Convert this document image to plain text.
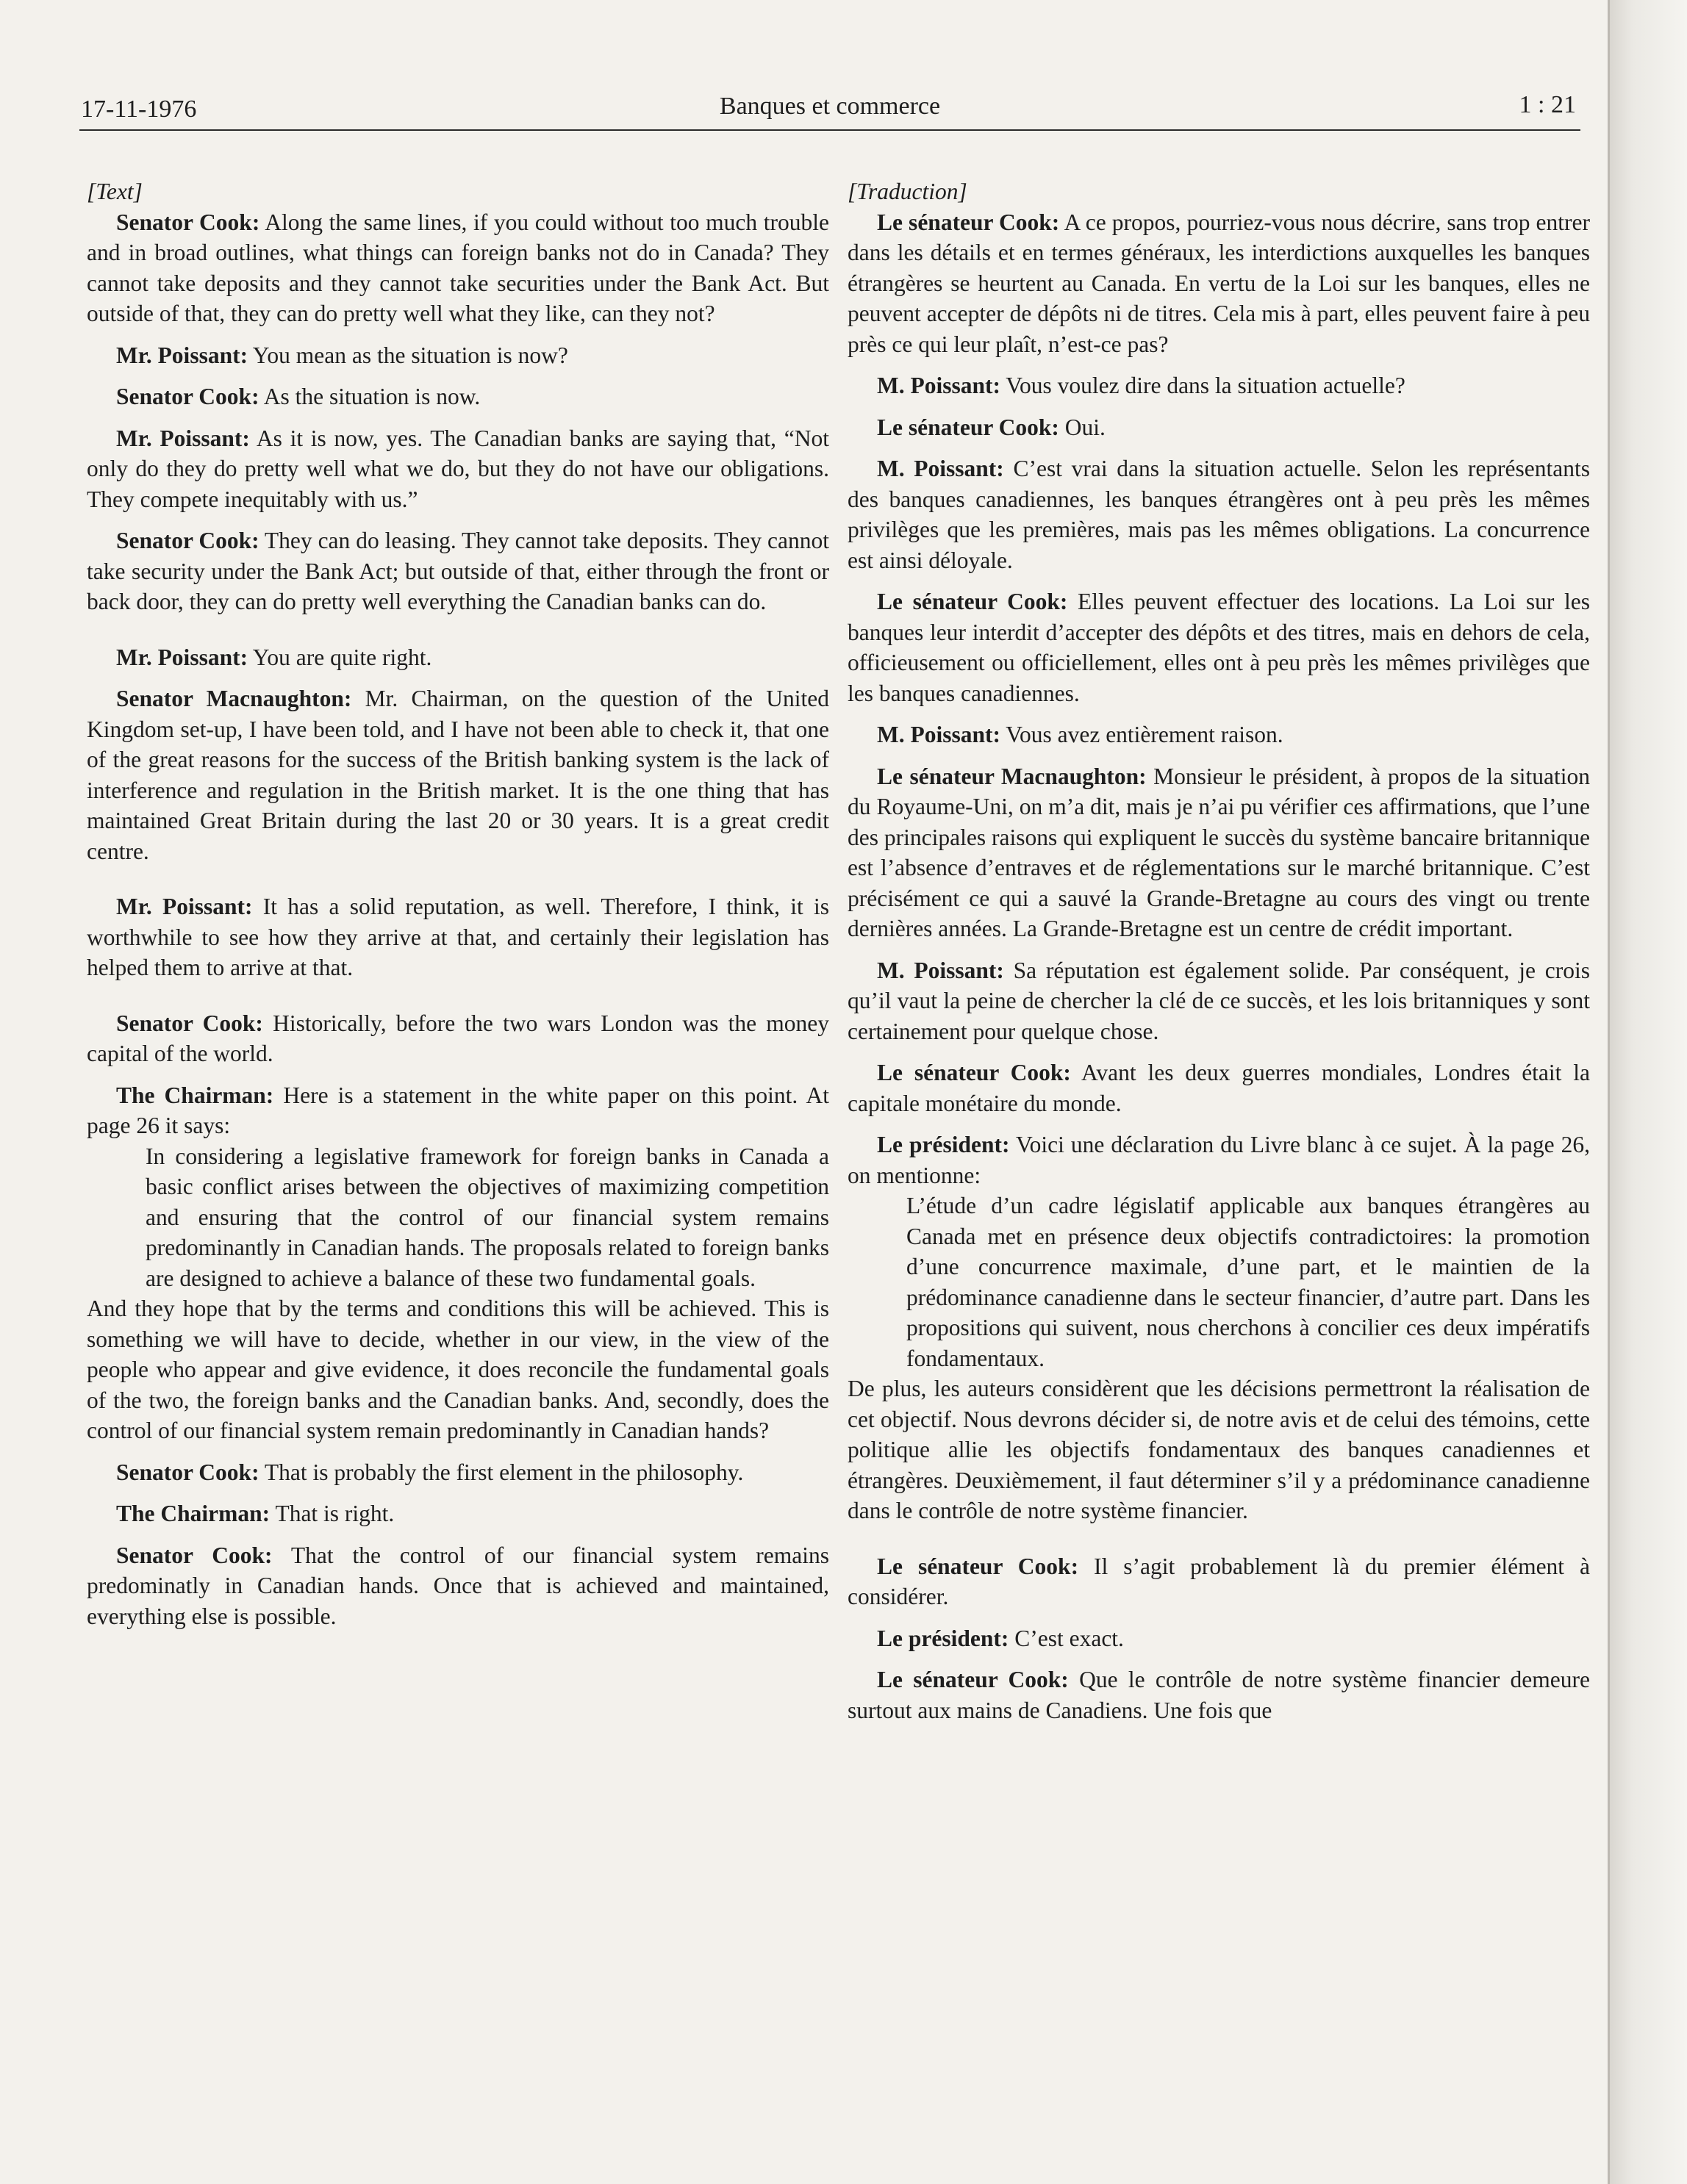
17-11-1976	Banques et commerce	1 : 21

[Text]

Senator Cook: Along the same lines, if you could without too much trouble and in broad outlines, what things can foreign banks not do in Canada? They cannot take deposits and they cannot take securities under the Bank Act. But outside of that, they can do pretty well what they like, can they not?

Mr. Poissant: You mean as the situation is now?

Senator Cook: As the situation is now.

Mr. Poissant: As it is now, yes. The Canadian banks are saying that, “Not only do they do pretty well what we do, but they do not have our obligations. They compete inequitably with us.”

Senator Cook: They can do leasing. They cannot take deposits. They cannot take security under the Bank Act; but outside of that, either through the front or back door, they can do pretty well everything the Canadian banks can do.

Mr. Poissant: You are quite right.

Senator Macnaughton: Mr. Chairman, on the question of the United Kingdom set-up, I have been told, and I have not been able to check it, that one of the great reasons for the success of the British banking system is the lack of interference and regulation in the British market. It is the one thing that has maintained Great Britain during the last 20 or 30 years. It is a great credit centre.

Mr. Poissant: It has a solid reputation, as well. Therefore, I think, it is worthwhile to see how they arrive at that, and certainly their legislation has helped them to arrive at that.

Senator Cook: Historically, before the two wars London was the money capital of the world.

The Chairman: Here is a statement in the white paper on this point. At page 26 it says:

In considering a legislative framework for foreign banks in Canada a basic conflict arises between the objectives of maximizing competition and ensuring that the control of our financial system remains predominantly in Canadian hands. The proposals related to foreign banks are designed to achieve a balance of these two fundamental goals.

And they hope that by the terms and conditions this will be achieved. This is something we will have to decide, whether in our view, in the view of the people who appear and give evidence, it does reconcile the fundamental goals of the two, the foreign banks and the Canadian banks. And, secondly, does the control of our financial system remain predominantly in Canadian hands?

Senator Cook: That is probably the first element in the philosophy.

The Chairman: That is right.

Senator Cook: That the control of our financial system remains predominatly in Canadian hands. Once that is achieved and maintained, everything else is possible.

[Traduction]

Le sénateur Cook: A ce propos, pourriez-vous nous décrire, sans trop entrer dans les détails et en termes généraux, les interdictions auxquelles les banques étrangères se heurtent au Canada. En vertu de la Loi sur les banques, elles ne peuvent accepter de dépôts ni de titres. Cela mis à part, elles peuvent faire à peu près ce qui leur plaît, n’est-ce pas?

M. Poissant: Vous voulez dire dans la situation actuelle?

Le sénateur Cook: Oui.

M. Poissant: C’est vrai dans la situation actuelle. Selon les représentants des banques canadiennes, les banques étrangères ont à peu près les mêmes privilèges que les premières, mais pas les mêmes obligations. La concurrence est ainsi déloyale.

Le sénateur Cook: Elles peuvent effectuer des locations. La Loi sur les banques leur interdit d’accepter des dépôts et des titres, mais en dehors de cela, officieusement ou officiellement, elles ont à peu près les mêmes privilèges que les banques canadiennes.

M. Poissant: Vous avez entièrement raison.

Le sénateur Macnaughton: Monsieur le président, à propos de la situation du Royaume-Uni, on m’a dit, mais je n’ai pu vérifier ces affirmations, que l’une des principales raisons qui expliquent le succès du système bancaire britannique est l’absence d’entraves et de réglementations sur le marché britannique. C’est précisément ce qui a sauvé la Grande-Bretagne au cours des vingt ou trente dernières années. La Grande-Bretagne est un centre de crédit important.

M. Poissant: Sa réputation est également solide. Par conséquent, je crois qu’il vaut la peine de chercher la clé de ce succès, et les lois britanniques y sont certainement pour quelque chose.

Le sénateur Cook: Avant les deux guerres mondiales, Londres était la capitale monétaire du monde.

Le président: Voici une déclaration du Livre blanc à ce sujet. À la page 26, on mentionne:

L’étude d’un cadre législatif applicable aux banques étrangères au Canada met en présence deux objectifs contradictoires: la promotion d’une concurrence maximale, d’une part, et le maintien de la prédominance canadienne dans le secteur financier, d’autre part. Dans les propositions qui suivent, nous cherchons à concilier ces deux impératifs fondamentaux.

De plus, les auteurs considèrent que les décisions permettront la réalisation de cet objectif. Nous devrons décider si, de notre avis et de celui des témoins, cette politique allie les objectifs fondamentaux des banques canadiennes et étrangères. Deuxièmement, il faut déterminer s’il y a prédominance canadienne dans le contrôle de notre système financier.

Le sénateur Cook: Il s’agit probablement là du premier élément à considérer.

Le président: C’est exact.

Le sénateur Cook: Que le contrôle de notre système financier demeure surtout aux mains de Canadiens. Une fois que
